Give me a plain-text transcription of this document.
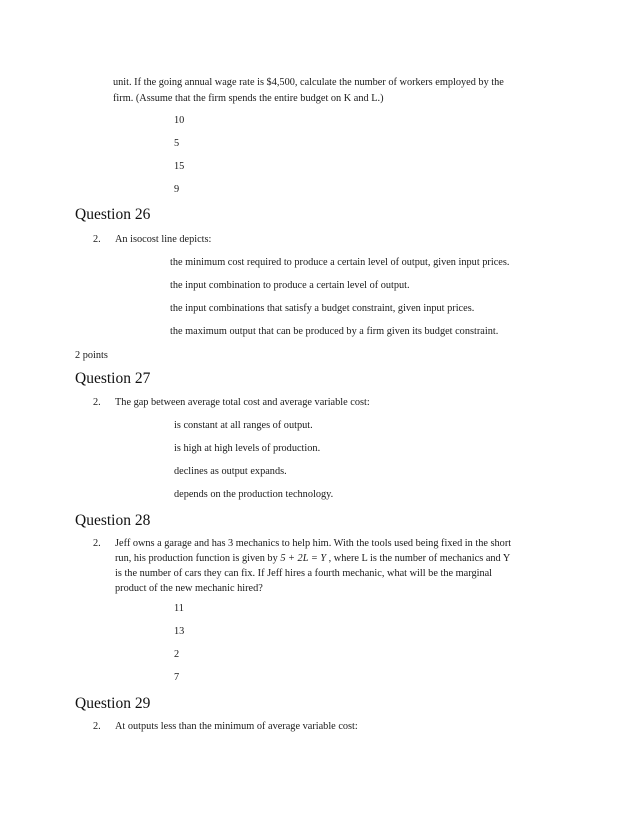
unit. If the going annual wage rate is $4,500, calculate the number of workers employed by the
firm. (Assume that the firm spends the entire budget on K and L.)
10
5
15
9
Question 26
2. An isocost line depicts:
the minimum cost required to produce a certain level of output, given input prices.
the input combination to produce a certain level of output.
the input combinations that satisfy a budget constraint, given input prices.
the maximum output that can be produced by a firm given its budget constraint.
2 points
Question 27
2. The gap between average total cost and average variable cost:
is constant at all ranges of output.
is high at high levels of production.
declines as output expands.
depends on the production technology.
Question 28
2. Jeff owns a garage and has 3 mechanics to help him. With the tools used being fixed in the short
run, his production function is given by 5 + 2L = Y , where L is the number of mechanics and Y
is the number of cars they can fix. If Jeff hires a fourth mechanic, what will be the marginal
product of the new mechanic hired?
11
13
2
7
Question 29
2. At outputs less than the minimum of average variable cost:
